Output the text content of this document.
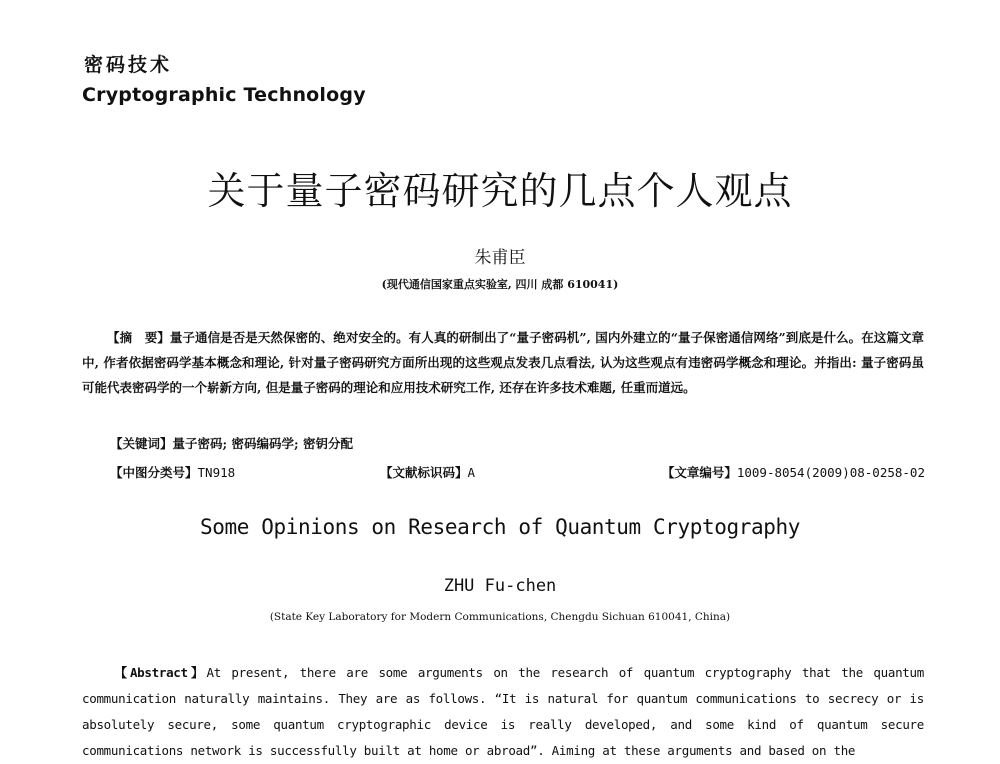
密码技术
Cryptographic Technology
关于量子密码研究的几点个人观点
朱甫臣
(现代通信国家重点实验室, 四川 成都 610041)
【摘　要】量子通信是否是天然保密的、绝对安全的。有人真的研制出了“量子密码机”, 国内外建立的“量子保密通信网络”到底是什么。在这篇文章中, 作者依据密码学基本概念和理论, 针对量子密码研究方面所出现的这些观点发表几点看法, 认为这些观点有违密码学概念和理论。并指出: 量子密码虽可能代表密码学的一个崭新方向, 但是量子密码的理论和应用技术研究工作, 还存在许多技术难题, 任重而道远。
【关键词】量子密码; 密码编码学; 密钥分配
【中图分类号】TN918	【文献标识码】A	【文章编号】1009-8054(2009)08-0258-02
Some Opinions on Research of Quantum Cryptography
ZHU Fu-chen
(State Key Laboratory for Modern Communications, Chengdu Sichuan 610041, China)
【Abstract】At present, there are some arguments on the research of quantum cryptography that the quantum communication naturally maintains. They are as follows. “It is natural for quantum communications to secrecy or is absolutely secure, some quantum cryptographic device is really developed, and some kind of quantum secure communications network is successfully built at home or abroad”. Aiming at these arguments and based on the
